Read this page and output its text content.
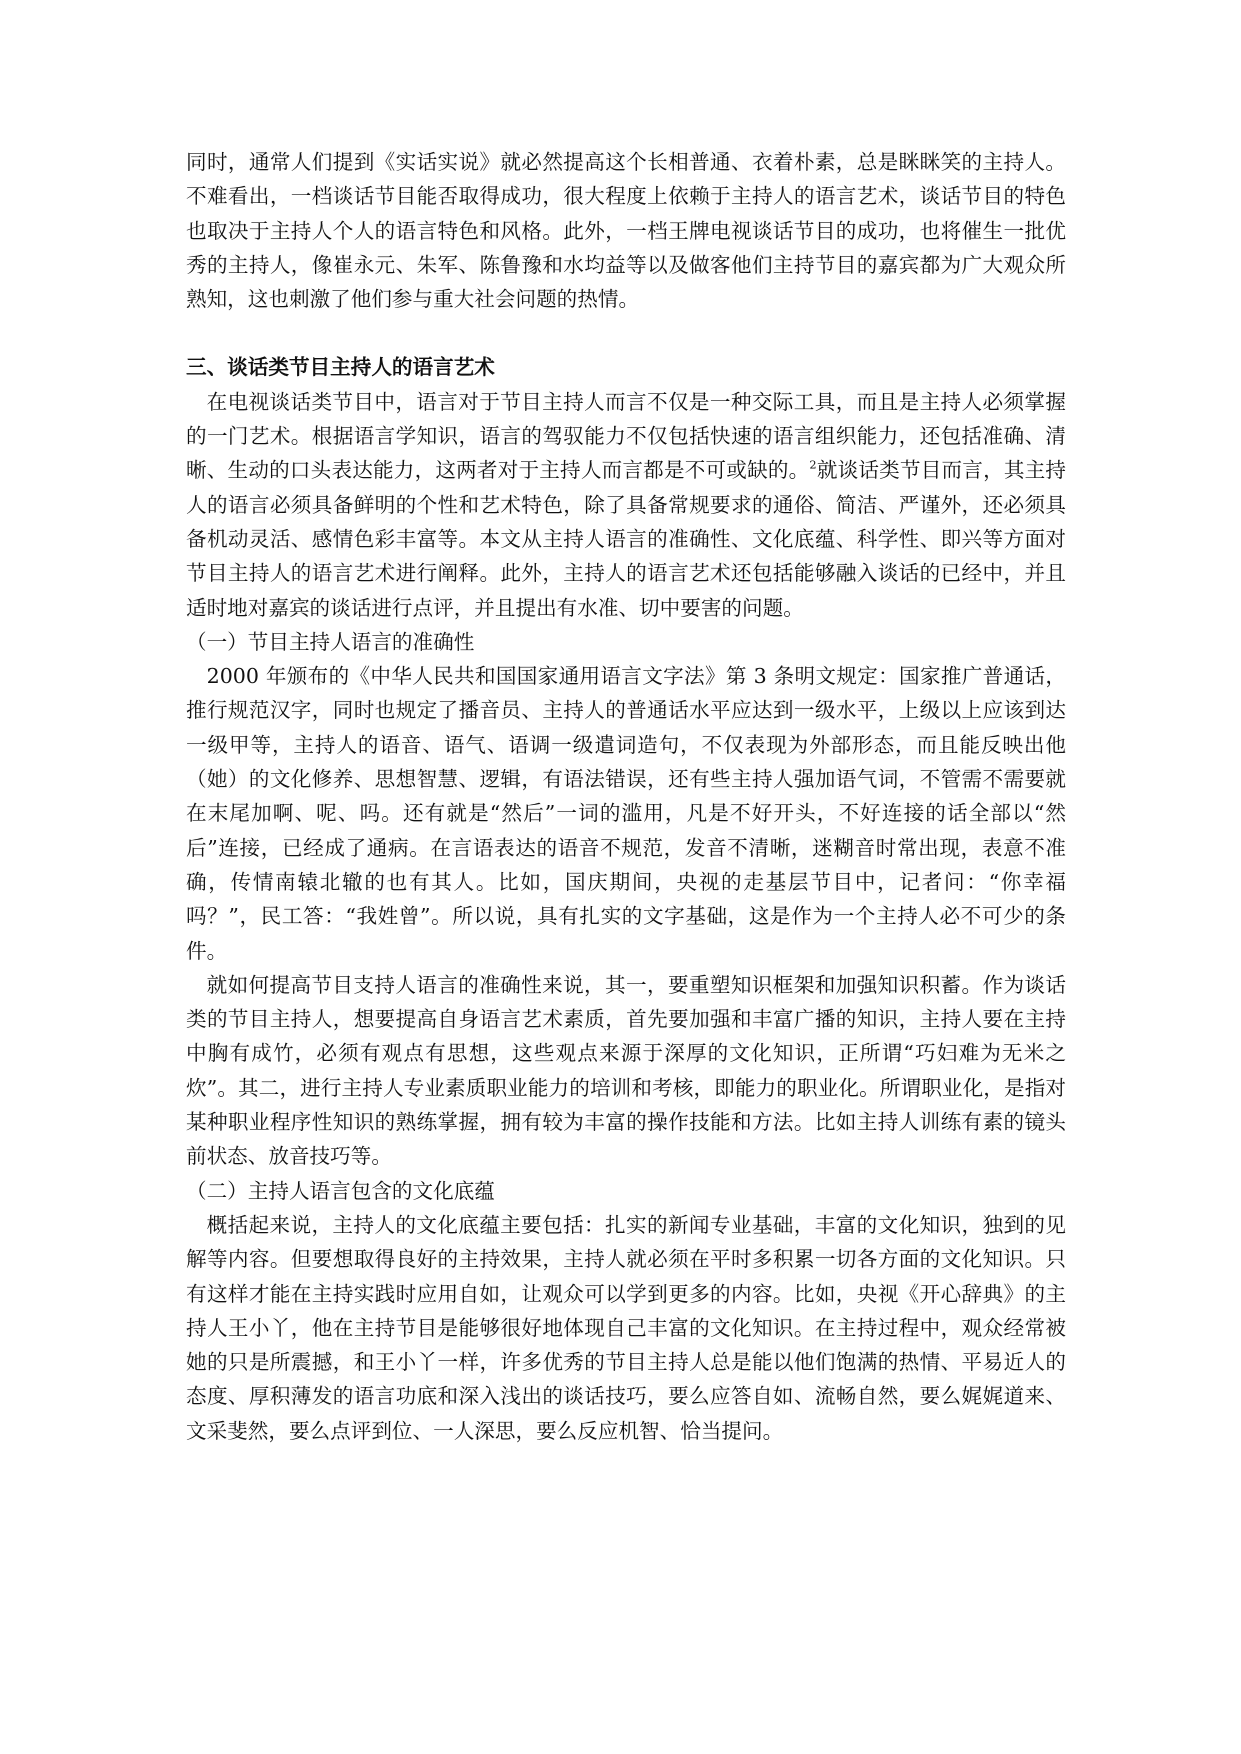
同时，通常人们提到《实话实说》就必然提高这个长相普通、衣着朴素，总是眯眯笑的主持人。不难看出，一档谈话节目能否取得成功，很大程度上依赖于主持人的语言艺术，谈话节目的特色也取决于主持人个人的语言特色和风格。此外，一档王牌电视谈话节目的成功，也将催生一批优秀的主持人，像崔永元、朱军、陈鲁豫和水均益等以及做客他们主持节目的嘉宾都为广大观众所熟知，这也刺激了他们参与重大社会问题的热情。

三、谈话类节目主持人的语言艺术

在电视谈话类节目中，语言对于节目主持人而言不仅是一种交际工具，而且是主持人必须掌握的一门艺术。根据语言学知识，语言的驾驭能力不仅包括快速的语言组织能力，还包括准确、清晰、生动的口头表达能力，这两者对于主持人而言都是不可或缺的。$^2$就谈话类节目而言，其主持人的语言必须具备鲜明的个性和艺术特色，除了具备常规要求的通俗、简洁、严谨外，还必须具备机动灵活、感情色彩丰富等。本文从主持人语言的准确性、文化底蕴、科学性、即兴等方面对节目主持人的语言艺术进行阐释。此外，主持人的语言艺术还包括能够融入谈话的已经中，并且适时地对嘉宾的谈话进行点评，并且提出有水准、切中要害的问题。

（一）节目主持人语言的准确性

2000 年颁布的《中华人民共和国国家通用语言文字法》第 3 条明文规定：国家推广普通话，推行规范汉字，同时也规定了播音员、主持人的普通话水平应达到一级水平，上级以上应该到达一级甲等，主持人的语音、语气、语调一级遣词造句，不仅表现为外部形态，而且能反映出他（她）的文化修养、思想智慧、逻辑，有语法错误，还有些主持人强加语气词，不管需不需要就在末尾加啊、呢、吗。还有就是“然后”一词的滥用，凡是不好开头，不好连接的话全部以“然后”连接，已经成了通病。在言语表达的语音不规范，发音不清晰，迷糊音时常出现，表意不准确，传情南辕北辙的也有其人。比如，国庆期间，央视的走基层节目中，记者问：“你幸福吗？”，民工答：“我姓曾”。所以说，具有扎实的文字基础，这是作为一个主持人必不可少的条件。

就如何提高节目支持人语言的准确性来说，其一，要重塑知识框架和加强知识积蓄。作为谈话类的节目主持人，想要提高自身语言艺术素质，首先要加强和丰富广播的知识，主持人要在主持中胸有成竹，必须有观点有思想，这些观点来源于深厚的文化知识，正所谓“巧妇难为无米之炊”。其二，进行主持人专业素质职业能力的培训和考核，即能力的职业化。所谓职业化，是指对某种职业程序性知识的熟练掌握，拥有较为丰富的操作技能和方法。比如主持人训练有素的镜头前状态、放音技巧等。

（二）主持人语言包含的文化底蕴

概括起来说，主持人的文化底蕴主要包括：扎实的新闻专业基础，丰富的文化知识，独到的见解等内容。但要想取得良好的主持效果，主持人就必须在平时多积累一切各方面的文化知识。只有这样才能在主持实践时应用自如，让观众可以学到更多的内容。比如，央视《开心辞典》的主持人王小丫，他在主持节目是能够很好地体现自己丰富的文化知识。在主持过程中，观众经常被她的只是所震撼，和王小丫一样，许多优秀的节目主持人总是能以他们饱满的热情、平易近人的态度、厚积薄发的语言功底和深入浅出的谈话技巧，要么应答自如、流畅自然，要么娓娓道来、文采斐然，要么点评到位、一人深思，要么反应机智、恰当提问。
